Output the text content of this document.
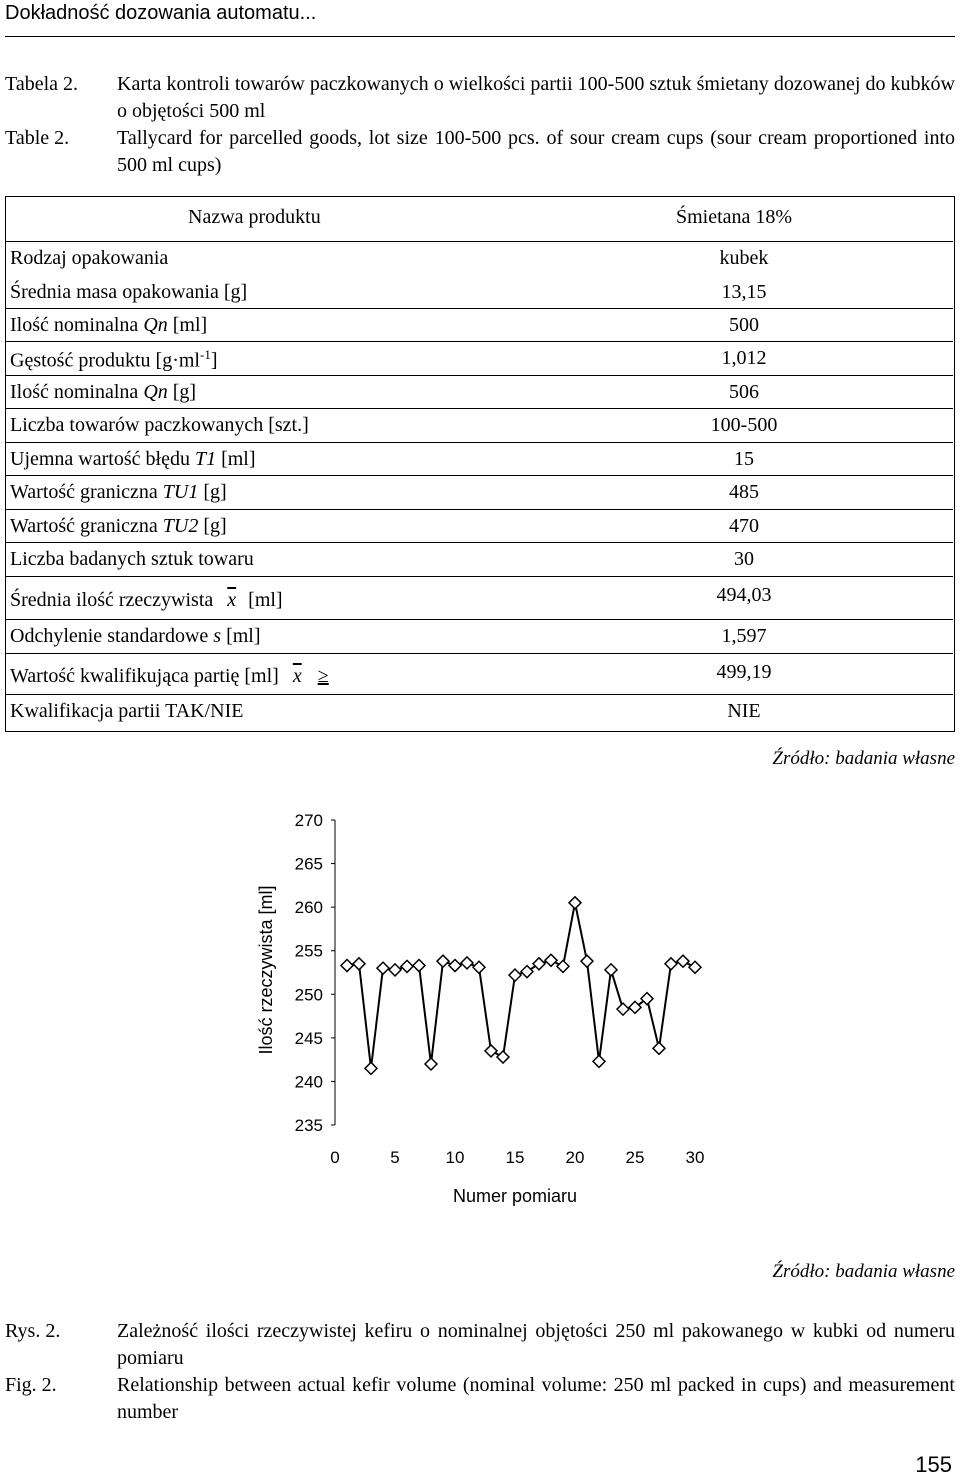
Dokładność dozowania automatu...
Tabela 2.	Karta kontroli towarów paczkowanych o wielkości partii 100-500 sztuk śmietany dozowanej do kubków o objętości 500 ml
Table 2.	Tallycard for parcelled goods, lot size 100-500 pcs. of sour cream cups (sour cream proportioned into 500 ml cups)
Nazwa produktu	Śmietana 18%
Rodzaj opakowania	kubek
Średnia masa opakowania [g]	13,15
Ilość nominalna Qn [ml]	500
Gęstość produktu $[g\cdot ml^{-1}]$	1,012
Ilość nominalna Qn [g]	506
Liczba towarów paczkowanych [szt.]	100-500
Ujemna wartość błędu T1 [ml]	15
Wartość graniczna TU1 [g]	485
Wartość graniczna TU2 [g]	470
Liczba badanych sztuk towaru	30
Średnia ilość rzeczywista $\overline{x}$ [ml]	494,03
Odchylenie standardowe s [ml]	1,597
Wartość kwalifikująca partię [ml] $\overline{x}$ ≥	499,19
Kwalifikacja partii TAK/NIE	NIE
Źródło: badania własne
235
240
245
250
255
260
265
270
0	5	10 15 20 25 30
Ilość rzeczywista [ml]
Numer pomiaru
Źródło: badania własne
Rys. 2.	Zależność ilości rzeczywistej kefiru o nominalnej objętości 250 ml pakowanego w kubki od numeru pomiaru
Fig. 2.	Relationship between actual kefir volume (nominal volume: 250 ml packed in cups) and measurement number
155
